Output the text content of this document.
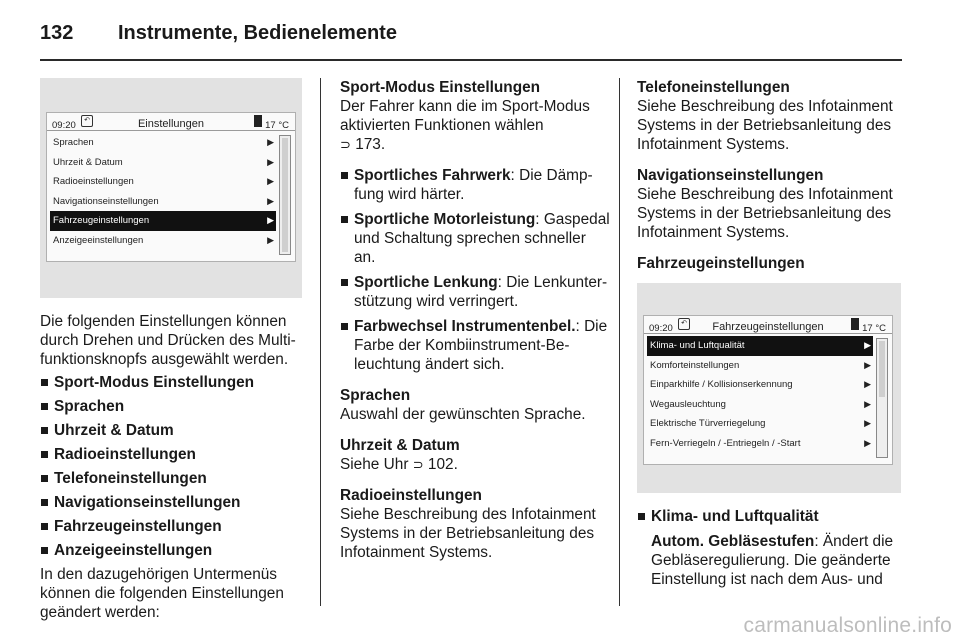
132 Instrumente, Bedienelemente
09:20	↶	Einstellungen	17 °C
Sprachen	▶
Uhrzeit & Datum	▶
Radioeinstellungen	▶
Navigationseinstellungen	▶
Fahrzeugeinstellungen	▶
Anzeigeeinstellungen	▶

Die folgenden Einstellungen können durch Drehen und Drücken des Multi-funktionsknopfs ausgewählt werden.

Sport-Modus Einstellungen
Sprachen
Uhrzeit & Datum
Radioeinstellungen
Telefoneinstellungen
Navigationseinstellungen
Fahrzeugeinstellungen
Anzeigeeinstellungen

In den dazugehörigen Untermenüs können die folgenden Einstellungen geändert werden:

Sport-Modus Einstellungen
Der Fahrer kann die im Sport-Modus aktivierten Funktionen wählen
⊃ 173.

Sportliches Fahrwerk: Die Dämp-fung wird härter.
Sportliche Motorleistung: Gaspedal und Schaltung sprechen schneller an.
Sportliche Lenkung: Die Lenkunter-stützung wird verringert.
Farbwechsel Instrumentenbel.: Die Farbe der Kombiinstrument-Be-leuchtung ändert sich.

Sprachen
Auswahl der gewünschten Sprache.

Uhrzeit & Datum
Siehe Uhr ⊃ 102.

Radioeinstellungen
Siehe Beschreibung des Infotainment Systems in der Betriebsanleitung des Infotainment Systems.

Telefoneinstellungen
Siehe Beschreibung des Infotainment Systems in der Betriebsanleitung des Infotainment Systems.

Navigationseinstellungen
Siehe Beschreibung des Infotainment Systems in der Betriebsanleitung des Infotainment Systems.

Fahrzeugeinstellungen

09:20	↶	Fahrzeugeinstellungen	17 °C
Klima- und Luftqualität	▶
Komforteinstellungen	▶
Einparkhilfe / Kollisionserkennung	▶
Wegausleuchtung	▶
Elektrische Türverriegelung	▶
Fern-Verriegeln / -Entriegeln / -Start	▶
Klima- und Luftqualität

Autom. Gebläsestufen: Ändert die Gebläseregulierung. Die geänderte Einstellung ist nach dem Aus- und

carmanualsonline.info
